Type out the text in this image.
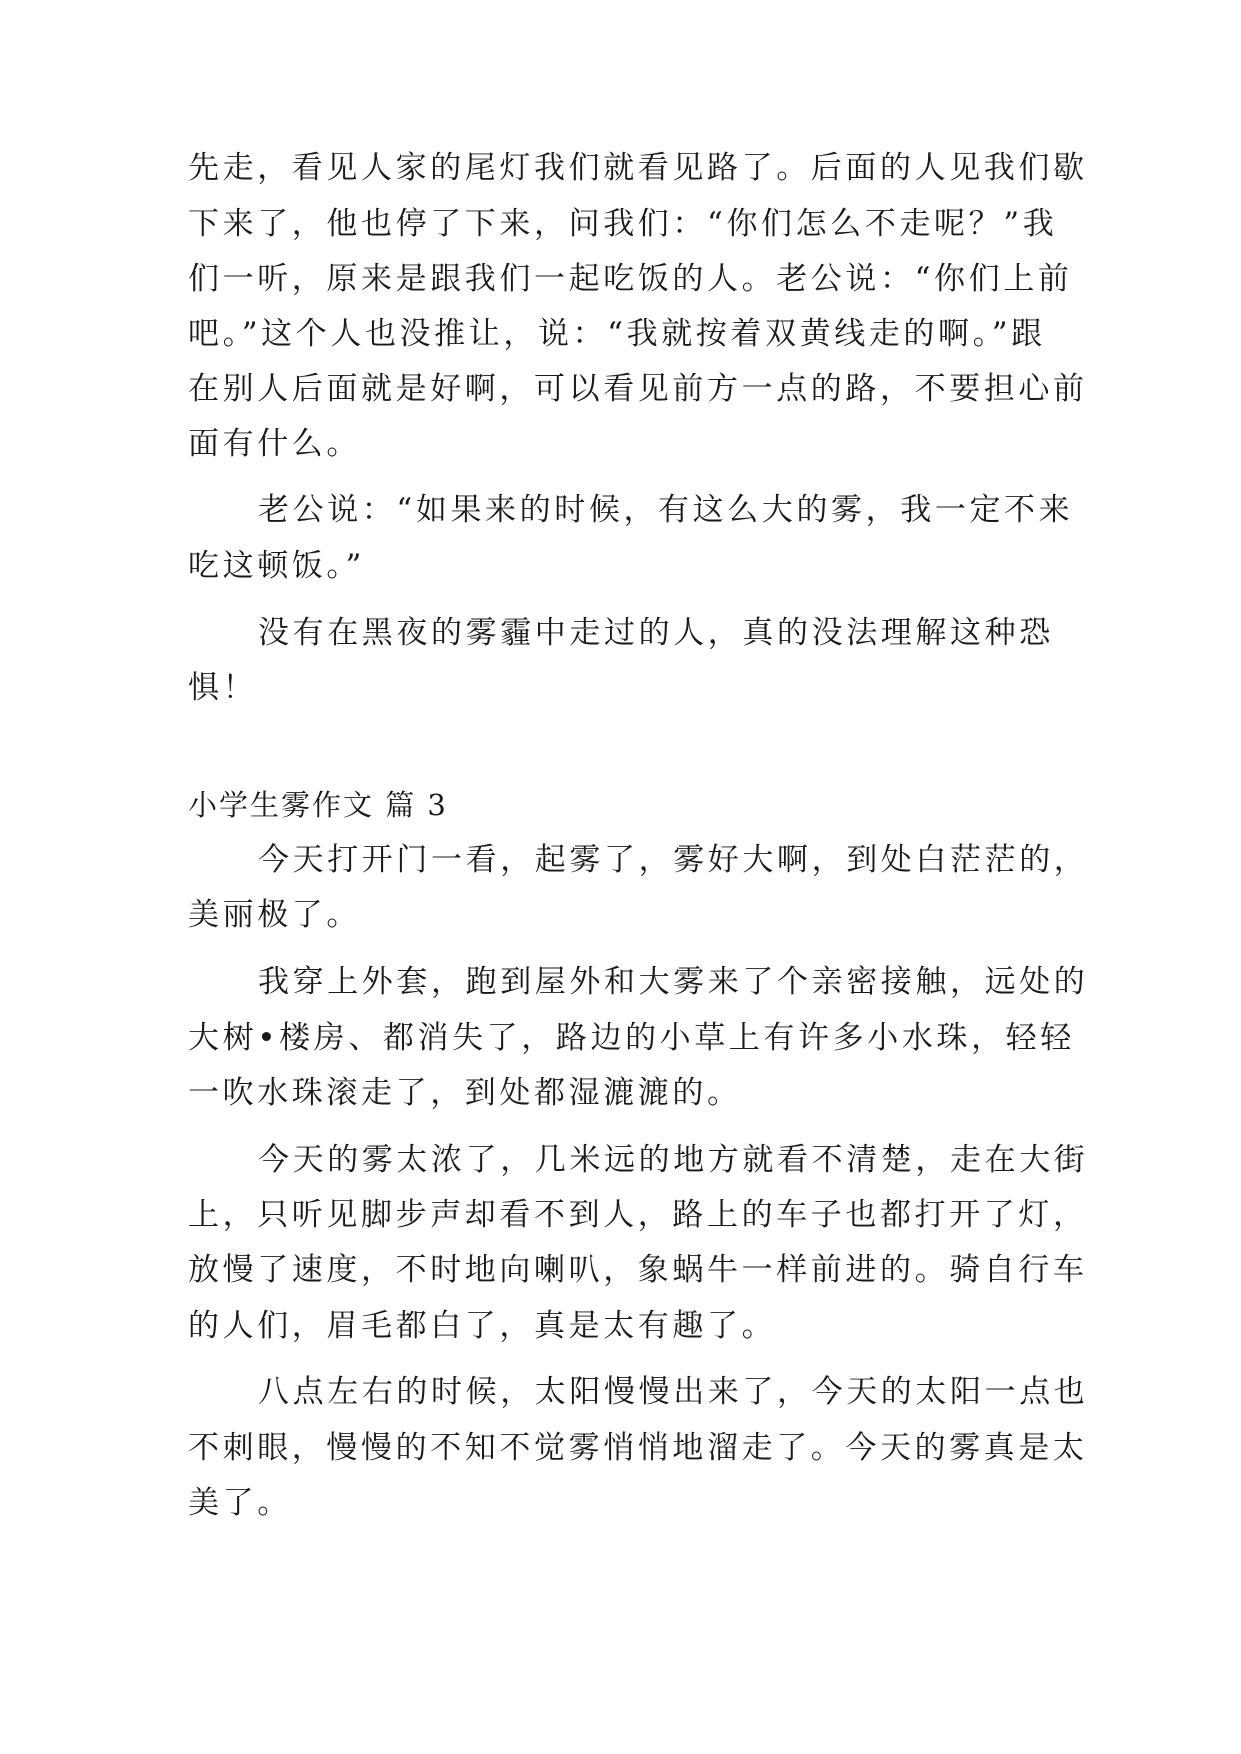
先走，看见人家的尾灯我们就看见路了。后面的人见我们歇
下来了，他也停了下来，问我们：“你们怎么不走呢？”我
们一听，原来是跟我们一起吃饭的人。老公说：“你们上前
吧。”这个人也没推让，说：“我就按着双黄线走的啊。”跟
在别人后面就是好啊，可以看见前方一点的路，不要担心前
面有什么。
老公说：“如果来的时候，有这么大的雾，我一定不来
吃这顿饭。”
没有在黑夜的雾霾中走过的人，真的没法理解这种恐
惧！
小学生雾作文 篇 3
今天打开门一看，起雾了，雾好大啊，到处白茫茫的，
美丽极了。
我穿上外套，跑到屋外和大雾来了个亲密接触，远处的
大树•楼房、都消失了，路边的小草上有许多小水珠，轻轻
一吹水珠滚走了，到处都湿漉漉的。
今天的雾太浓了，几米远的地方就看不清楚，走在大街
上，只听见脚步声却看不到人，路上的车子也都打开了灯，
放慢了速度，不时地向喇叭，象蜗牛一样前进的。骑自行车
的人们，眉毛都白了，真是太有趣了。
八点左右的时候，太阳慢慢出来了，今天的太阳一点也
不刺眼，慢慢的不知不觉雾悄悄地溜走了。今天的雾真是太
美了。
